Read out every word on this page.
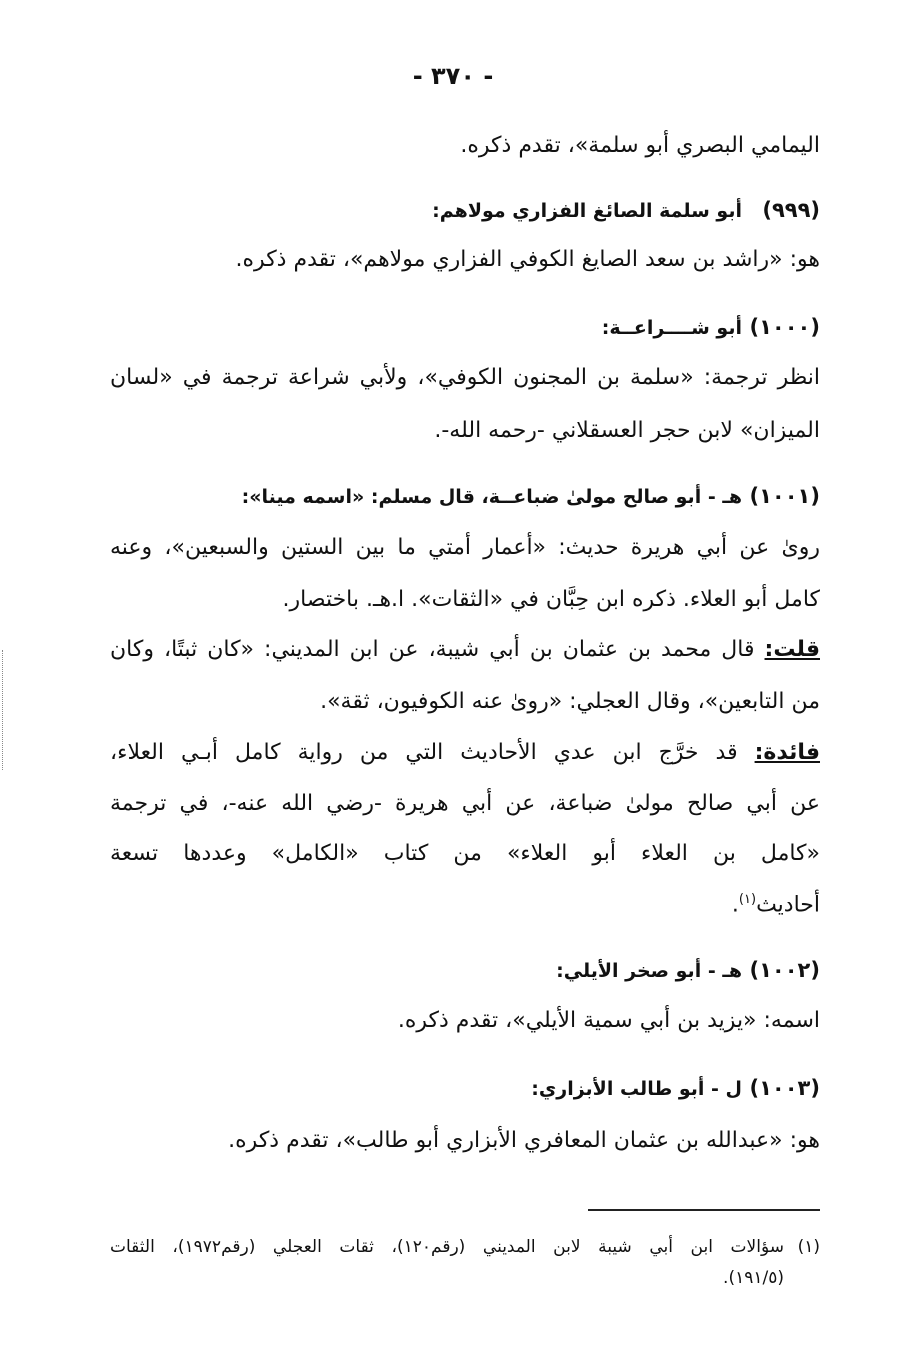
- ٣٧٠ -
اليمامي البصري أبو سلمة»، تقدم ذكره.
(٩٩٩)أبو سلمة الصائغ الفزاري مولاهم:
هو: «راشد بن سعد الصايغ الكوفي الفزاري مولاهم»، تقدم ذكره.
(١٠٠٠)أبو شــــراعــة:
انظر ترجمة: «سلمة بن المجنون الكوفي»، ولأبي شراعة ترجمة في «لسان
الميزان» لابن حجر العسقلاني -رحمه الله-.
(١٠٠١)هـ - أبو صالح مولىٰ ضباعــة، قال مسلم: «اسمه مينا»:
رویٰ عن أبي هريرة حديث: «أعمار أمتي ما بين الستين والسبعين»، وعنه
كامل أبو العلاء. ذكره ابن حِبَّان في «الثقات». ا.هـ. باختصار.
قلت: قال محمد بن عثمان بن أبي شيبة، عن ابن المديني: «كان ثبتًا، وكان
من التابعين»، وقال العجلي: «رویٰ عنه الكوفيون، ثقة».
فائدة: قد خرَّج ابن عدي الأحاديث التي من رواية كامل أبـي العلاء،
عن أبي صالح مولىٰ ضباعة، عن أبي هريرة -رضي الله عنه-، في ترجمة
«كامل بن العلاء أبو العلاء» من كتاب «الكامل» وعددها تسعة
أحاديث$^{(١)}$.
(١٠٠٢)هـ - أبو صخر الأيلي:
اسمه: «يزيد بن أبي سمية الأيلي»، تقدم ذكره.
(١٠٠٣)ل - أبو طالب الأبزاري:
هو: «عبدالله بن عثمان المعافري الأبزاري أبو طالب»، تقدم ذكره.
(١)سؤالات ابن أبي شيبة لابن المديني (رقم١٢٠)، ثقات العجلي (رقم١٩٧٢)، الثقات
(١٩١/٥).
